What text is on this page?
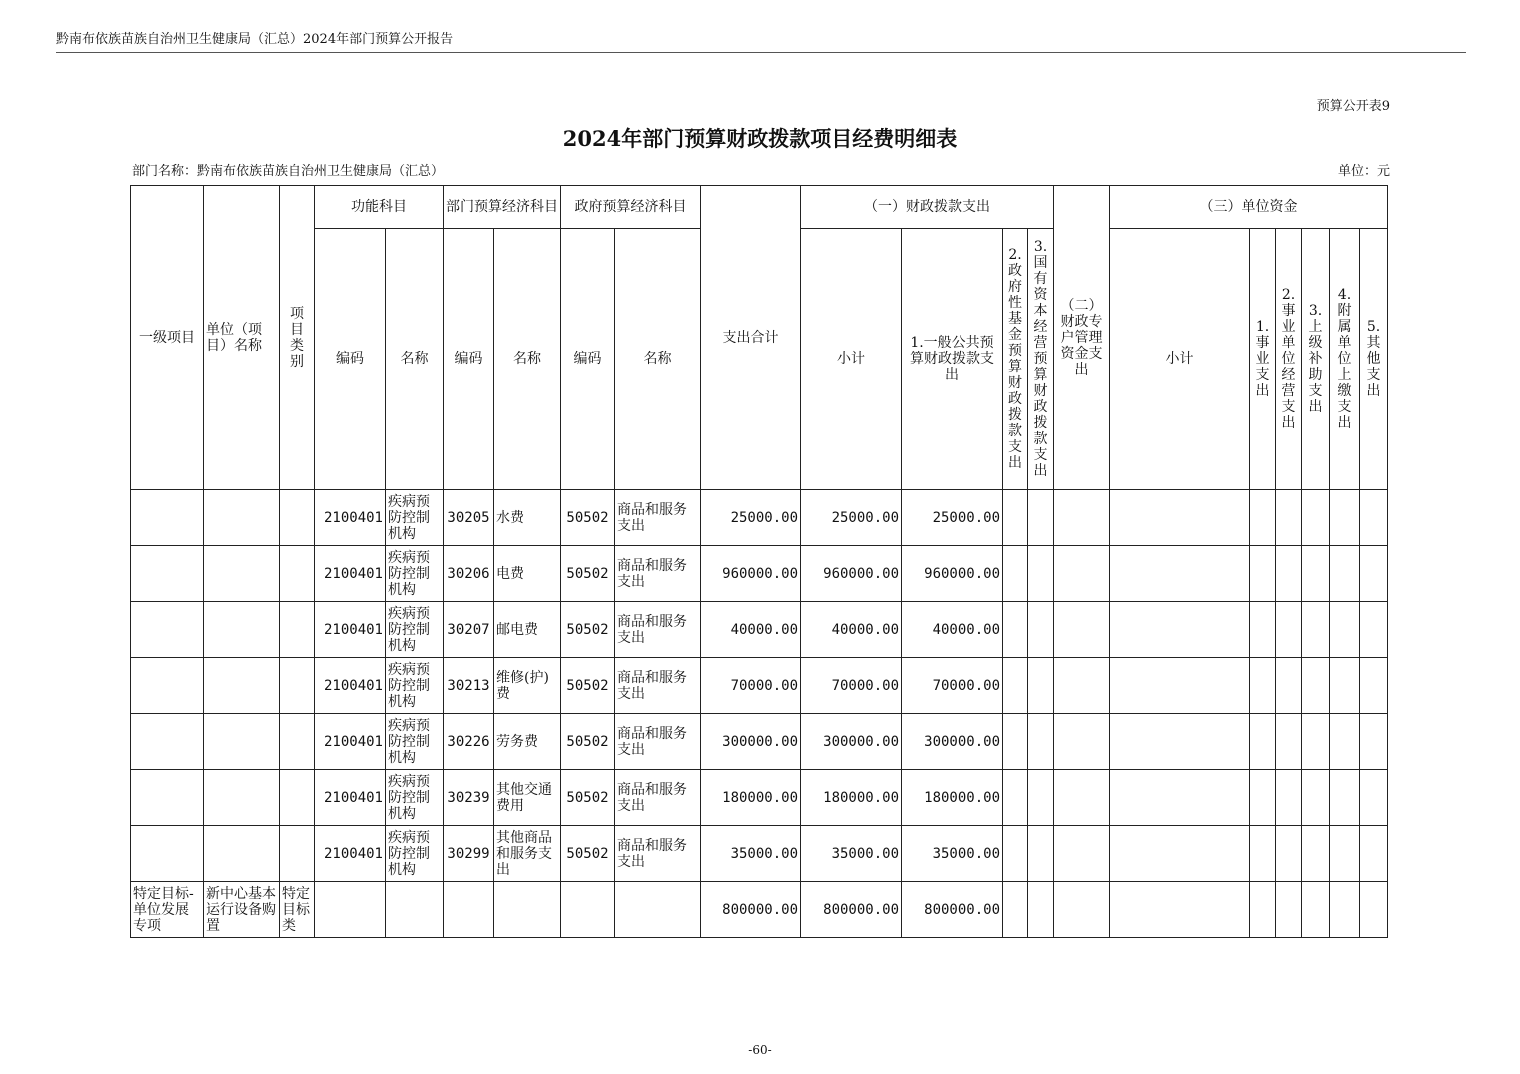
黔南布依族苗族自治州卫生健康局（汇总）2024年部门预算公开报告
预算公开表9
2024年部门预算财政拨款项目经费明细表
部门名称：黔南布依族苗族自治州卫生健康局（汇总）	单位：元
一级项目	单位（项目）名称	项目类别	功能科目		部门预算经济科目		政府预算经济科目		支出合计	（一）财政拨款支出				（二）财政专户管理资金支出	（三）单位资金					
			编码	名称	编码	名称	编码	名称		小计	1.一般公共预算财政拨款支出	2.政府性基金预算财政拨款支出	3.国有资本经营预算财政拨款支出		小计	1.事业支出	2.事业单位经营支出	3.上级补助支出	4.附属单位上缴支出	5.其他支出
			2100401	疾病预防控制机构	30205	水费	50502	商品和服务支出	25000.00	25000.00	25000.00									
			2100401	疾病预防控制机构	30206	电费	50502	商品和服务支出	960000.00	960000.00	960000.00									
			2100401	疾病预防控制机构	30207	邮电费	50502	商品和服务支出	40000.00	40000.00	40000.00									
			2100401	疾病预防控制机构	30213	维修(护)费	50502	商品和服务支出	70000.00	70000.00	70000.00									
			2100401	疾病预防控制机构	30226	劳务费	50502	商品和服务支出	300000.00	300000.00	300000.00									
			2100401	疾病预防控制机构	30239	其他交通费用	50502	商品和服务支出	180000.00	180000.00	180000.00									
			2100401	疾病预防控制机构	30299	其他商品和服务支出	50502	商品和服务支出	35000.00	35000.00	35000.00									
特定目标-单位发展专项	新中心基本运行设备购置	特定目标类							800000.00	800000.00	800000.00									
-60-
